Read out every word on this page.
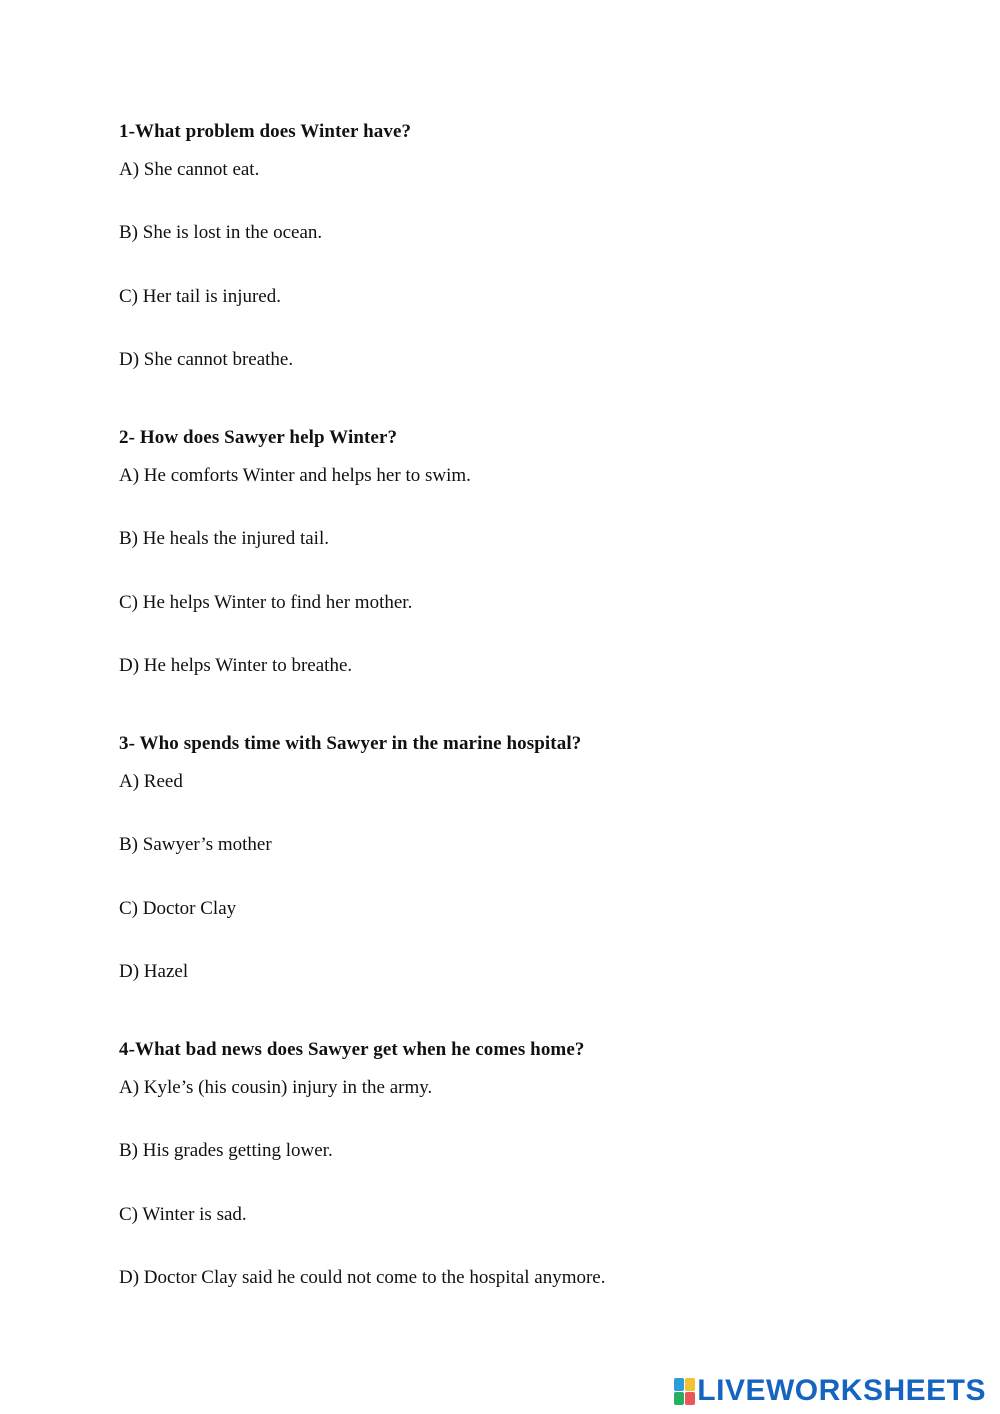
1-What problem does Winter have?

A) She cannot eat.
B) She is lost in the ocean.
C) Her tail is injured.
D) She cannot breathe.

2- How does Sawyer help Winter?

A) He comforts Winter and helps her to swim.
B) He heals the injured tail.
C) He helps Winter to find her mother.
D) He helps Winter to breathe.

3- Who spends time with Sawyer in the marine hospital?

A) Reed
B) Sawyer’s mother
C) Doctor Clay
D) Hazel

4-What bad news does Sawyer get when he comes home?

A) Kyle’s (his cousin) injury in the army.
B) His grades getting lower.
C) Winter is sad.
D) Doctor Clay said he could not come to the hospital anymore.
LIVEWORKSHEETS
